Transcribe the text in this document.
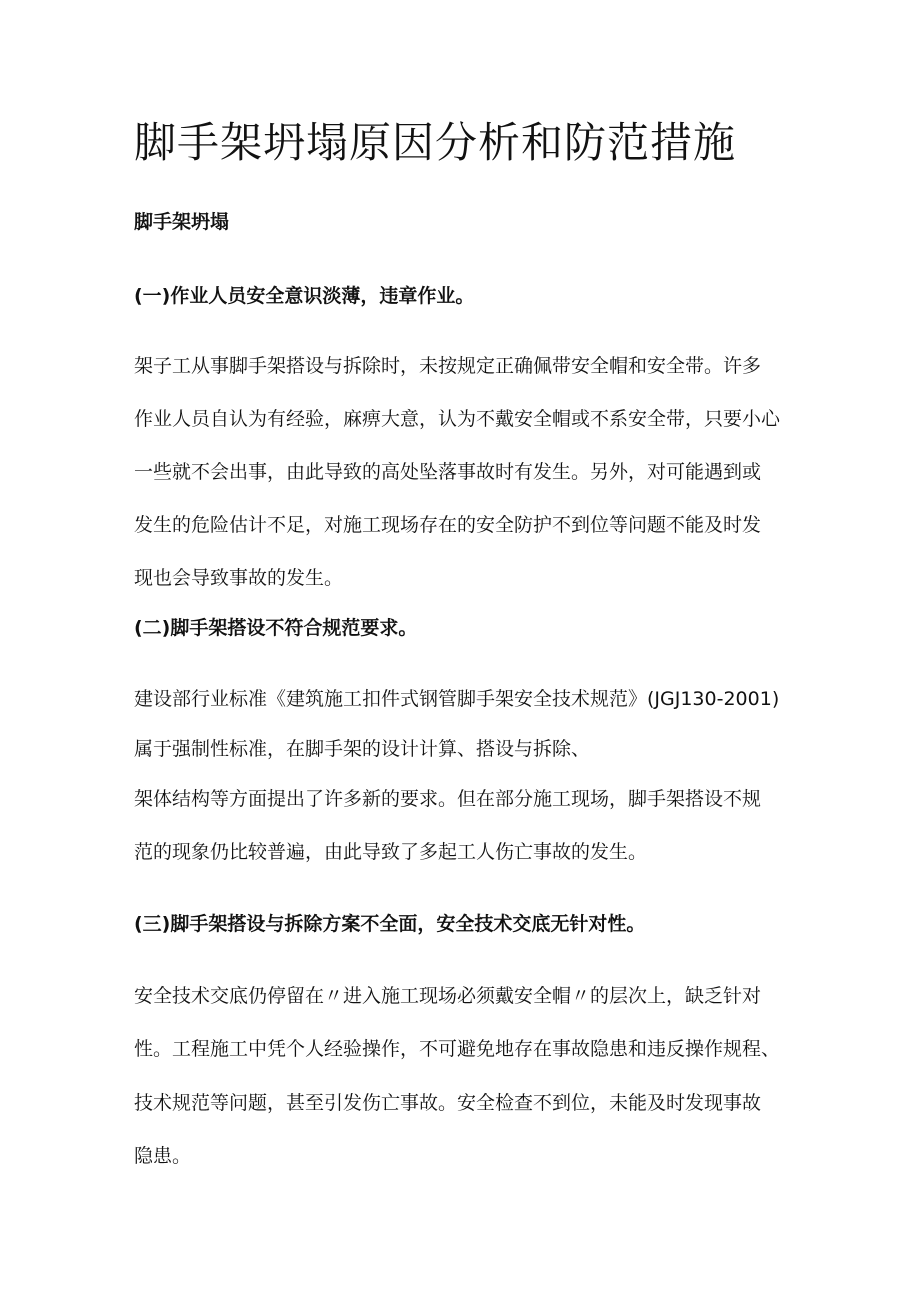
脚手架坍塌原因分析和防范措施

脚手架坍塌

(一)作业人员安全意识淡薄，违章作业。

架子工从事脚手架搭设与拆除时，未按规定正确佩带安全帽和安全带。许多

作业人员自认为有经验，麻痹大意，认为不戴安全帽或不系安全带，只要小心

一些就不会出事，由此导致的高处坠落事故时有发生。另外，对可能遇到或

发生的危险估计不足，对施工现场存在的安全防护不到位等问题不能及时发

现也会导致事故的发生。

(二)脚手架搭设不符合规范要求。

建设部行业标准《建筑施工扣件式钢管脚手架安全技术规范》(JGJ130-2001)

属于强制性标准，在脚手架的设计计算、搭设与拆除、

架体结构等方面提出了许多新的要求。但在部分施工现场，脚手架搭设不规

范的现象仍比较普遍，由此导致了多起工人伤亡事故的发生。

(三)脚手架搭设与拆除方案不全面，安全技术交底无针对性。

安全技术交底仍停留在〃进入施工现场必须戴安全帽〃的层次上，缺乏针对

性。工程施工中凭个人经验操作，不可避免地存在事故隐患和违反操作规程、

技术规范等问题，甚至引发伤亡事故。安全检查不到位，未能及时发现事故

隐患。
